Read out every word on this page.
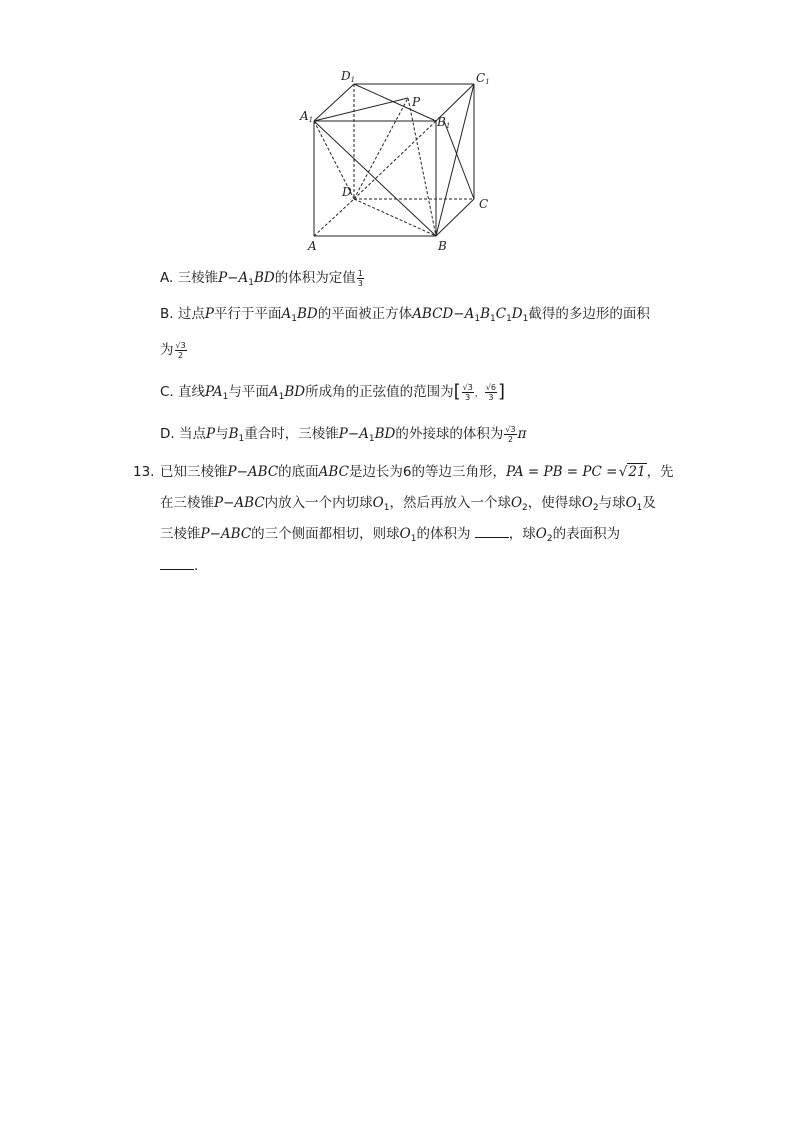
D1	C1
A1
P
B1
D
C
A	B
A. 三棱锥$P-A_1BD$的体积为定值 $\frac{1}{3}$
B. 过点P平行于平面$A_1BD$的平面被正方体$ABCD-A_1B_1C_1D_1$截得的多边形的面积
为 $\frac{√3}{2}$
C. 直线$PA_1$与平面$A_1BD$所成角的正弦值的范围为[ $\frac{√3}{3}$ ， $\frac{√6}{3}$ ]
D. 当点P与$B_1$重合时，三棱锥$P-A_1BD$的外接球的体积为 $\frac{√3}{2}$ π
13. 已知三棱锥P−ABC的底面ABC是边长为6的等边三角形，PA = PB = PC = √21，先
在三棱锥P−ABC内放入一个内切球$O_1$，然后再放入一个球$O_2$，使得球$O_2$与球$O_1$及
三棱锥P−ABC的三个侧面都相切，则球$O_1$的体积为	，球$O_2$的表面积为
.
